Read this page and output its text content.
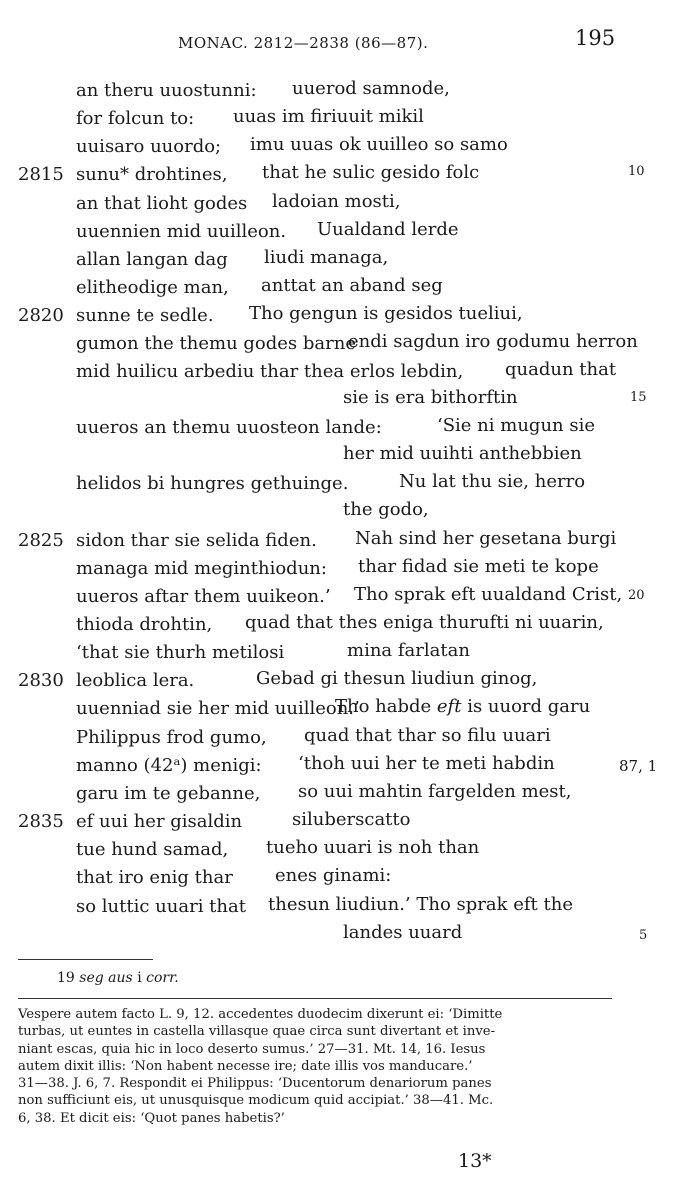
MONAC. 2812—2838 (86—87).	195
an theru uuostunni: uuerod samnode,
for folcun to: uuas im firiuuit mikil
uuisaro uuordo; imu uuas ok uuilleo so samo
sunu* drohtines, that he sulic gesido folc
an that lioht godes ladoian mosti,
uuennien mid uuilleon. Uualdand lerde
allan langan dag liudi managa,
elitheodige man, anttat an aband seg
sunne te sedle. Tho gengun is gesidos tueliui,
gumon the themu godes barne
endi sagdun iro godumu herron
mid huilicu arbediu thar thea erlos lebdin, quadun that
sie is era bithorftin
uueros an themu uuosteon lande:	‘Sie ni mugun sie
her mid uuihti anthebbien
helidos bi hungres gethuinge.	Nu lat thu sie, herro
the godo,
sidon thar sie selida fiden. Nah sind her gesetana burgi
managa mid meginthiodun: thar fidad sie meti te kope
uueros aftar them uuikeon.’ Tho sprak eft uualdand Crist,
thioda drohtin, quad that thes eniga thurufti ni uuarin,
‘that sie thurh metilosi	mina farlatan
leoblica lera.	Gebad gi thesun liudiun ginog,
uuenniad sie her mid uuilleon.’
Tho habde eft is uuord garu
Philippus frod gumo, quad that thar so filu uuari
manno (42ᵃ) menigi: ‘thoh uui her te meti habdin
garu im te gebanne, so uui mahtin fargelden mest,
ef uui her gisaldin	siluberscatto
tue hund samad, tueho uuari is noh than
that iro enig thar enes ginami:
so luttic uuari that thesun liudiun.’ Tho sprak eft the
landes uuard
2815
2820
2825
2830
2835
10
15
20
87, 1
5
19 seg aus i corr.
Vespere autem facto L. 9, 12. accedentes duodecim dixerunt ei: ‘Dimitte
turbas, ut euntes in castella villasque quae circa sunt divertant et inve-
niant escas, quia hic in loco deserto sumus.’ 27—31. Mt. 14, 16. Iesus
autem dixit illis: ‘Non habent necesse ire; date illis vos manducare.’
31—38. J. 6, 7. Respondit ei Philippus: ‘Ducentorum denariorum panes
non sufficiunt eis, ut unusquisque modicum quid accipiat.’ 38—41. Mc.
6, 38. Et dicit eis: ‘Quot panes habetis?’
13*
